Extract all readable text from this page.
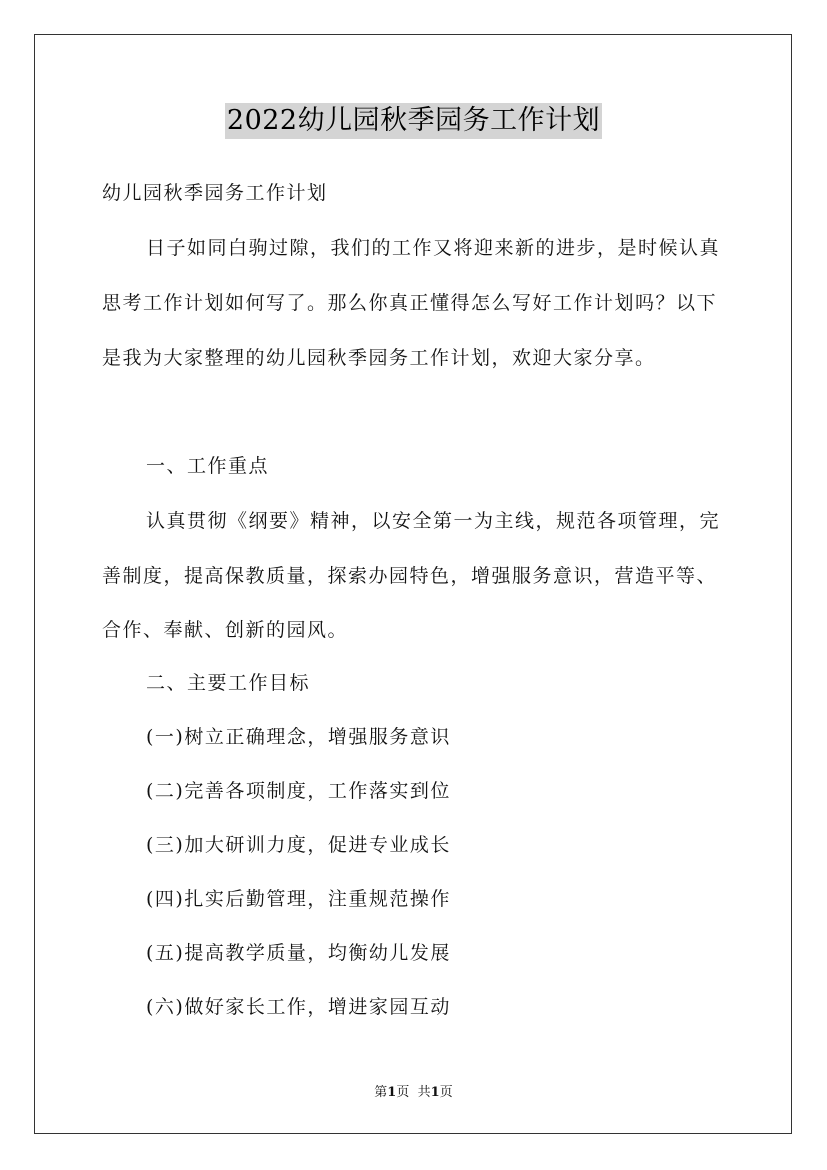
2022幼儿园秋季园务工作计划
幼儿园秋季园务工作计划
日子如同白驹过隙，我们的工作又将迎来新的进步，是时候认真
思考工作计划如何写了。那么你真正懂得怎么写好工作计划吗？以下
是我为大家整理的幼儿园秋季园务工作计划，欢迎大家分享。
一、工作重点
认真贯彻《纲要》精神，以安全第一为主线，规范各项管理，完
善制度，提高保教质量，探索办园特色，增强服务意识，营造平等、
合作、奉献、创新的园风。
二、主要工作目标
(一)树立正确理念，增强服务意识
(二)完善各项制度，工作落实到位
(三)加大研训力度，促进专业成长
(四)扎实后勤管理，注重规范操作
(五)提高教学质量，均衡幼儿发展
(六)做好家长工作，增进家园互动
第1页 共1页
